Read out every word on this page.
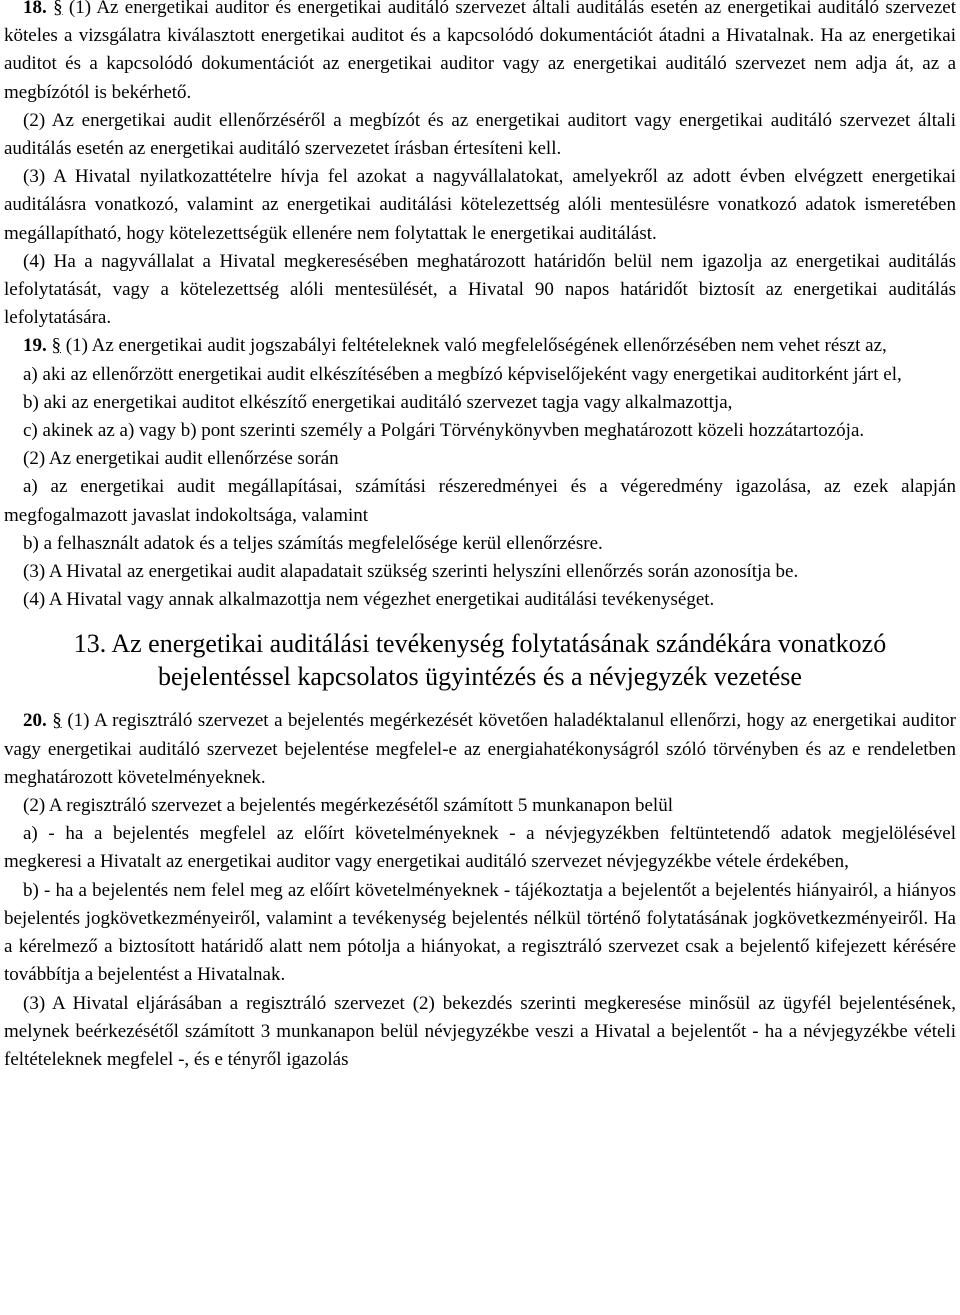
18. § (1) Az energetikai auditor és energetikai auditáló szervezet általi auditálás esetén az energetikai auditáló szervezet köteles a vizsgálatra kiválasztott energetikai auditot és a kapcsolódó dokumentációt átadni a Hivatalnak. Ha az energetikai auditot és a kapcsolódó dokumentációt az energetikai auditor vagy az energetikai auditáló szervezet nem adja át, az a megbízótól is bekérhető.

(2) Az energetikai audit ellenőrzéséről a megbízót és az energetikai auditort vagy energetikai auditáló szervezet általi auditálás esetén az energetikai auditáló szervezetet írásban értesíteni kell.

(3) A Hivatal nyilatkozattételre hívja fel azokat a nagyvállalatokat, amelyekről az adott évben elvégzett energetikai auditálásra vonatkozó, valamint az energetikai auditálási kötelezettség alóli mentesülésre vonatkozó adatok ismeretében megállapítható, hogy kötelezettségük ellenére nem folytattak le energetikai auditálást.

(4) Ha a nagyvállalat a Hivatal megkeresésében meghatározott határidőn belül nem igazolja az energetikai auditálás lefolytatását, vagy a kötelezettség alóli mentesülését, a Hivatal 90 napos határidőt biztosít az energetikai auditálás lefolytatására.

19. § (1) Az energetikai audit jogszabályi feltételeknek való megfelelőségének ellenőrzésében nem vehet részt az,

a) aki az ellenőrzött energetikai audit elkészítésében a megbízó képviselőjeként vagy energetikai auditorként járt el,

b) aki az energetikai auditot elkészítő energetikai auditáló szervezet tagja vagy alkalmazottja,

c) akinek az a) vagy b) pont szerinti személy a Polgári Törvénykönyvben meghatározott közeli hozzátartozója.

(2) Az energetikai audit ellenőrzése során

a) az energetikai audit megállapításai, számítási részeredményei és a végeredmény igazolása, az ezek alapján megfogalmazott javaslat indokoltsága, valamint

b) a felhasznált adatok és a teljes számítás megfelelősége kerül ellenőrzésre.

(3) A Hivatal az energetikai audit alapadatait szükség szerinti helyszíni ellenőrzés során azonosítja be.

(4) A Hivatal vagy annak alkalmazottja nem végezhet energetikai auditálási tevékenységet.

13. Az energetikai auditálási tevékenység folytatásának szándékára vonatkozó bejelentéssel kapcsolatos ügyintézés és a névjegyzék vezetése

20. § (1) A regisztráló szervezet a bejelentés megérkezését követően haladéktalanul ellenőrzi, hogy az energetikai auditor vagy energetikai auditáló szervezet bejelentése megfelel-e az energiahatékonyságról szóló törvényben és az e rendeletben meghatározott követelményeknek.

(2) A regisztráló szervezet a bejelentés megérkezésétől számított 5 munkanapon belül

a) - ha a bejelentés megfelel az előírt követelményeknek - a névjegyzékben feltüntetendő adatok megjelölésével megkeresi a Hivatalt az energetikai auditor vagy energetikai auditáló szervezet névjegyzékbe vétele érdekében,

b) - ha a bejelentés nem felel meg az előírt követelményeknek - tájékoztatja a bejelentőt a bejelentés hiányairól, a hiányos bejelentés jogkövetkezményeiről, valamint a tevékenység bejelentés nélkül történő folytatásának jogkövetkezményeiről. Ha a kérelmező a biztosított határidő alatt nem pótolja a hiányokat, a regisztráló szervezet csak a bejelentő kifejezett kérésére továbbítja a bejelentést a Hivatalnak.

(3) A Hivatal eljárásában a regisztráló szervezet (2) bekezdés szerinti megkeresése minősül az ügyfél bejelentésének, melynek beérkezésétől számított 3 munkanapon belül névjegyzékbe veszi a Hivatal a bejelentőt - ha a névjegyzékbe vételi feltételeknek megfelel -, és e tényről igazolás
